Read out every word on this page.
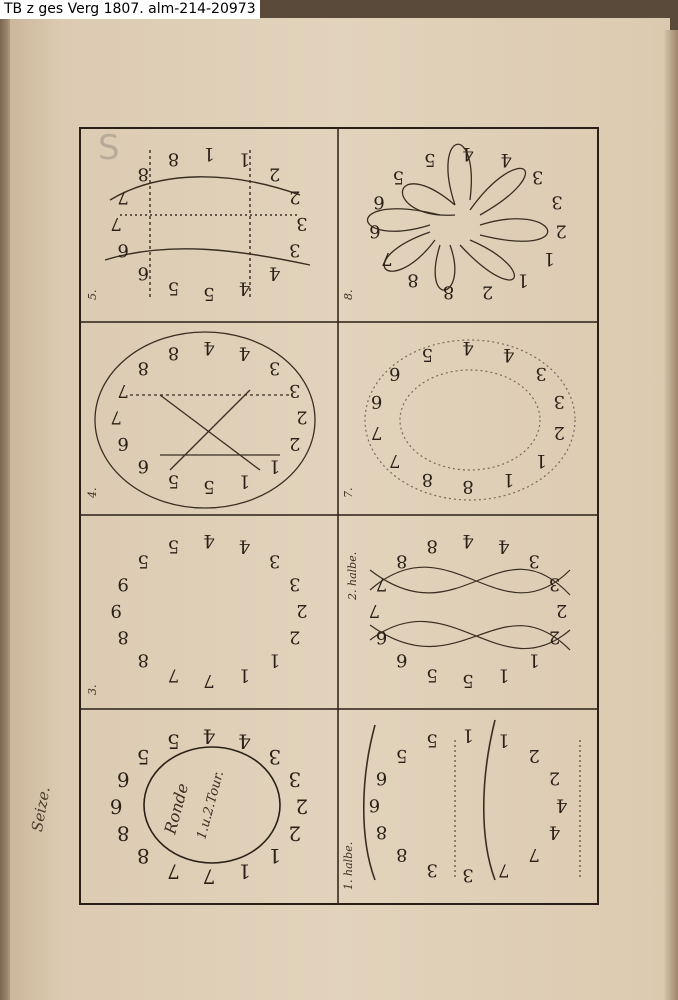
TB z ges Verg 1807. alm-214-20973
S
5.	8.
4.	7.
3.
2. halbe.
1. halbe.
Ronde 1.u.2.Tour.
1 1
2
2
3
3
4
4
5
5
6
6
7
7
8
8	4 4
3
3
2
1
1
2
8
8
7
6
6
5
5
4 4
3
3
2
2
1
1
5
5
6
6
7
7
8
8	4 4
3
3
2
1
1
8
8
7
7
6
6
5
4 4
3
3
2
2
1
1
7
7
8
8
9
9
5
5	4 4
3
3
2
2
1
1
5
5
6
6
7
7
8
8
4 4
3
3
2
2
1
1
7
7
8
8
6
6
5
5	1 1
2
2
4
4
7
7
3
3
8
8
6
6
5
5
Seize.
